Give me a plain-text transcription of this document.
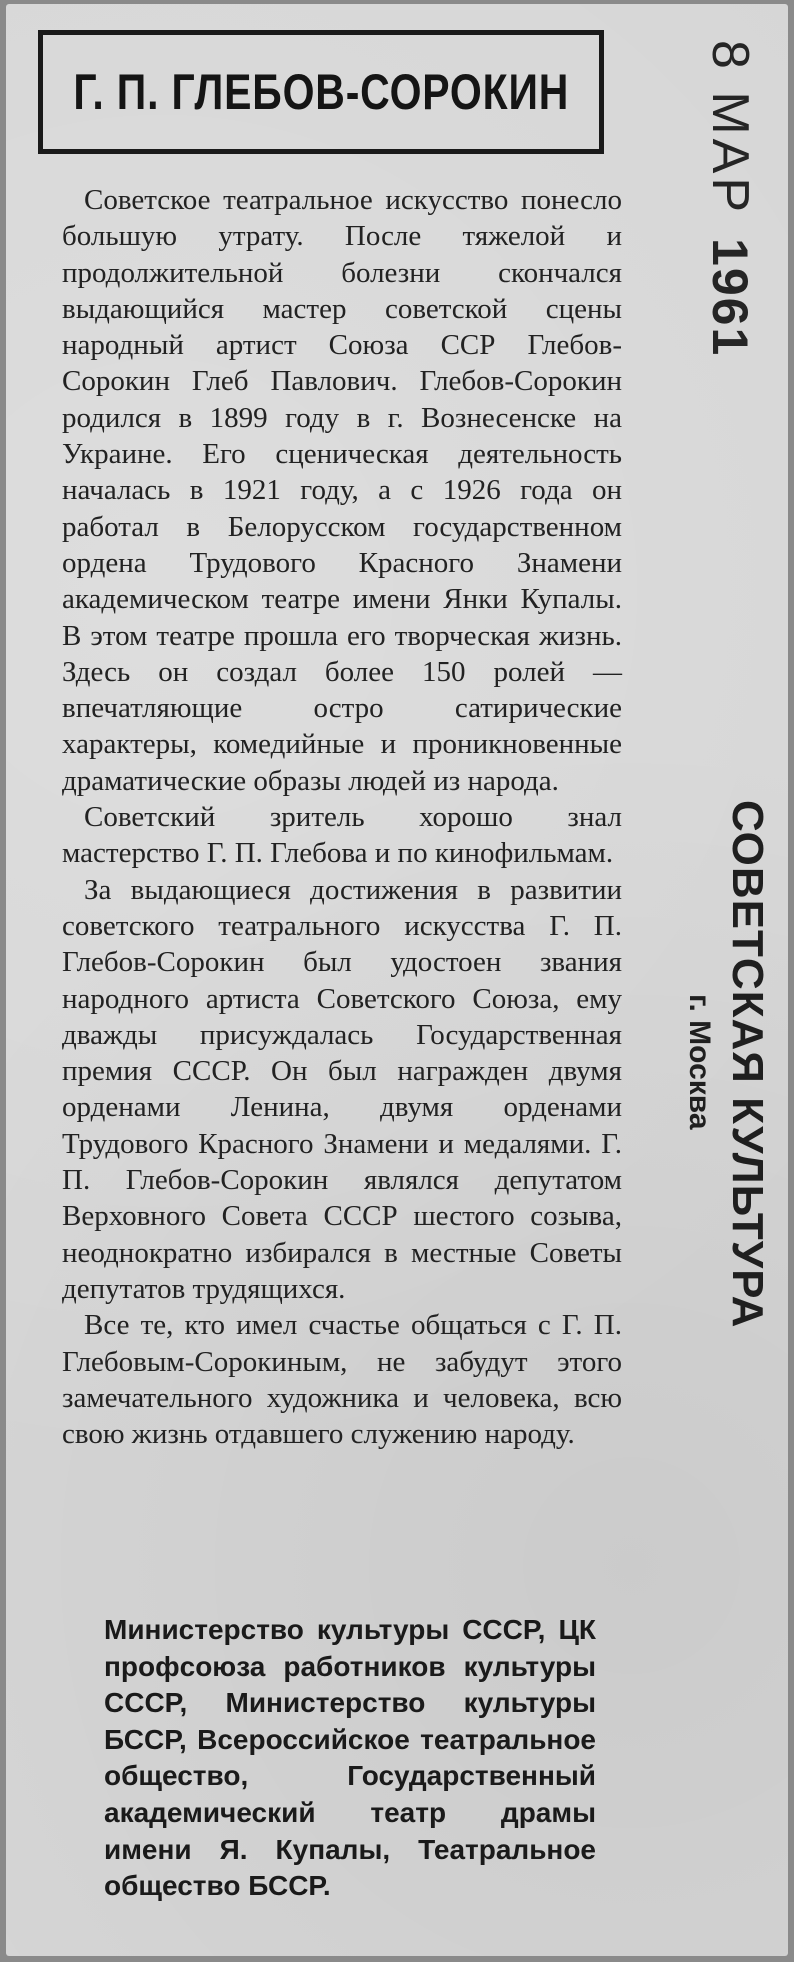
Г. П. ГЛЕБОВ-СОРОКИН

Советское театральное искусство понесло большую утрату. После тяжелой и продолжительной болезни скончался выдающийся мастер советской сцены народный артист Союза ССР Глебов-Сорокин Глеб Павлович. Глебов-Сорокин родился в 1899 году в г. Вознесенске на Украине. Его сценическая деятельность началась в 1921 году, а с 1926 года он работал в Белорусском государственном ордена Трудового Красного Знамени академическом театре имени Янки Купалы. В этом театре прошла его творческая жизнь. Здесь он создал более 150 ролей — впечатляющие остро сатирические характеры, комедийные и проникновенные драматические образы людей из народа.

Советский зритель хорошо знал мастерство Г. П. Глебова и по кинофильмам.

За выдающиеся достижения в развитии советского театрального искусства Г. П. Глебов-Сорокин был удостоен звания народного артиста Советского Союза, ему дважды присуждалась Государственная премия СССР. Он был награжден двумя орденами Ленина, двумя орденами Трудового Красного Знамени и медалями. Г. П. Глебов-Сорокин являлся депутатом Верховного Совета СССР шестого созыва, неоднократно избирался в местные Советы депутатов трудящихся.

Все те, кто имел счастье общаться с Г. П. Глебовым-Сорокиным, не забудут этого замечательного художника и человека, всю свою жизнь отдавшего служению народу.

Министерство культуры СССР, ЦК профсоюза работников культуры СССР, Министерство культуры БССР, Всероссийское театральное общество, Государственный академический театр драмы имени Я. Купалы, Театральное общество БССР.
8 МАР
1961
СОВЕТСКАЯ КУЛЬТУРА
г. Москва
